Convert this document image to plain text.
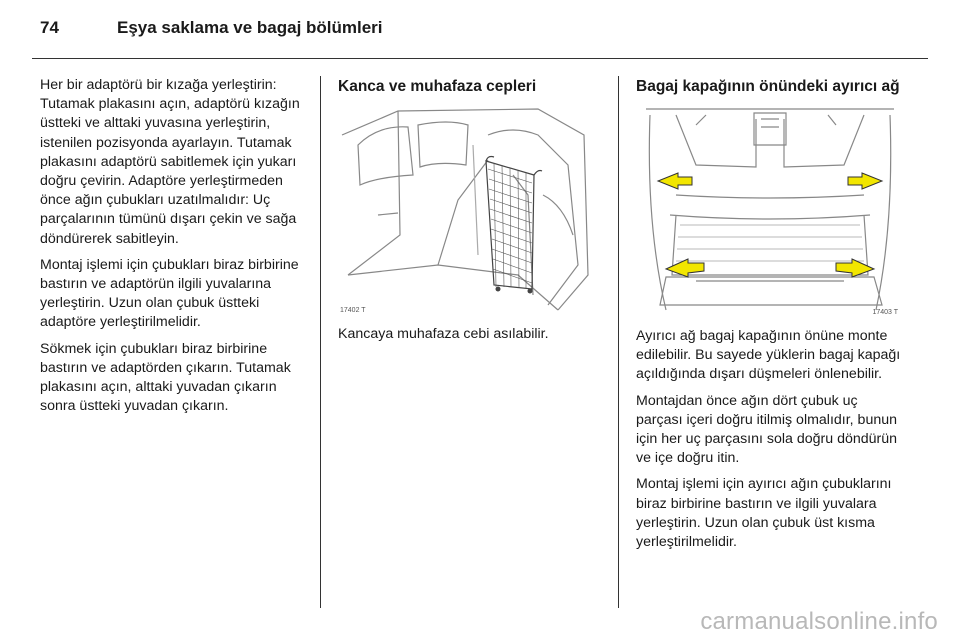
74	Eşya saklama ve bagaj bölümleri

Her bir adaptörü bir kızağa yerleştirin: Tutamak plakasını açın, adaptörü kızağın üstteki ve alttaki yuvasına yerleştirin, istenilen pozisyonda ayarlayın. Tutamak plakasını adaptörü sabitlemek için yukarı doğru çevirin. Adaptöre yerleştirmeden önce ağın çubukları uzatılmalıdır: Uç parçalarının tümünü dışarı çekin ve sağa döndürerek sabitleyin.

Montaj işlemi için çubukları biraz birbirine bastırın ve adaptörün ilgili yuvalarına yerleştirin. Uzun olan çubuk üstteki adaptöre yerleştirilmelidir.

Sökmek için çubukları biraz birbirine bastırın ve adaptörden çıkarın. Tutamak plakasını açın, alttaki yuvadan çıkarın sonra üstteki yuvadan çıkarın.

Kanca ve muhafaza cepleri
17402 T

Kancaya muhafaza cebi asılabilir.

Bagaj kapağının önündeki ayırıcı ağ
17403 T

Ayırıcı ağ bagaj kapağının önüne monte edilebilir. Bu sayede yüklerin bagaj kapağı açıldığında dışarı düşmeleri önlenebilir.

Montajdan önce ağın dört çubuk uç parçası içeri doğru itilmiş olmalıdır, bunun için her uç parçasını sola doğru döndürün ve içe doğru itin.

Montaj işlemi için ayırıcı ağın çubuklarını biraz birbirine bastırın ve ilgili yuvalara yerleştirin. Uzun olan çubuk üst kısma yerleştirilmelidir.

carmanualsonline.info
